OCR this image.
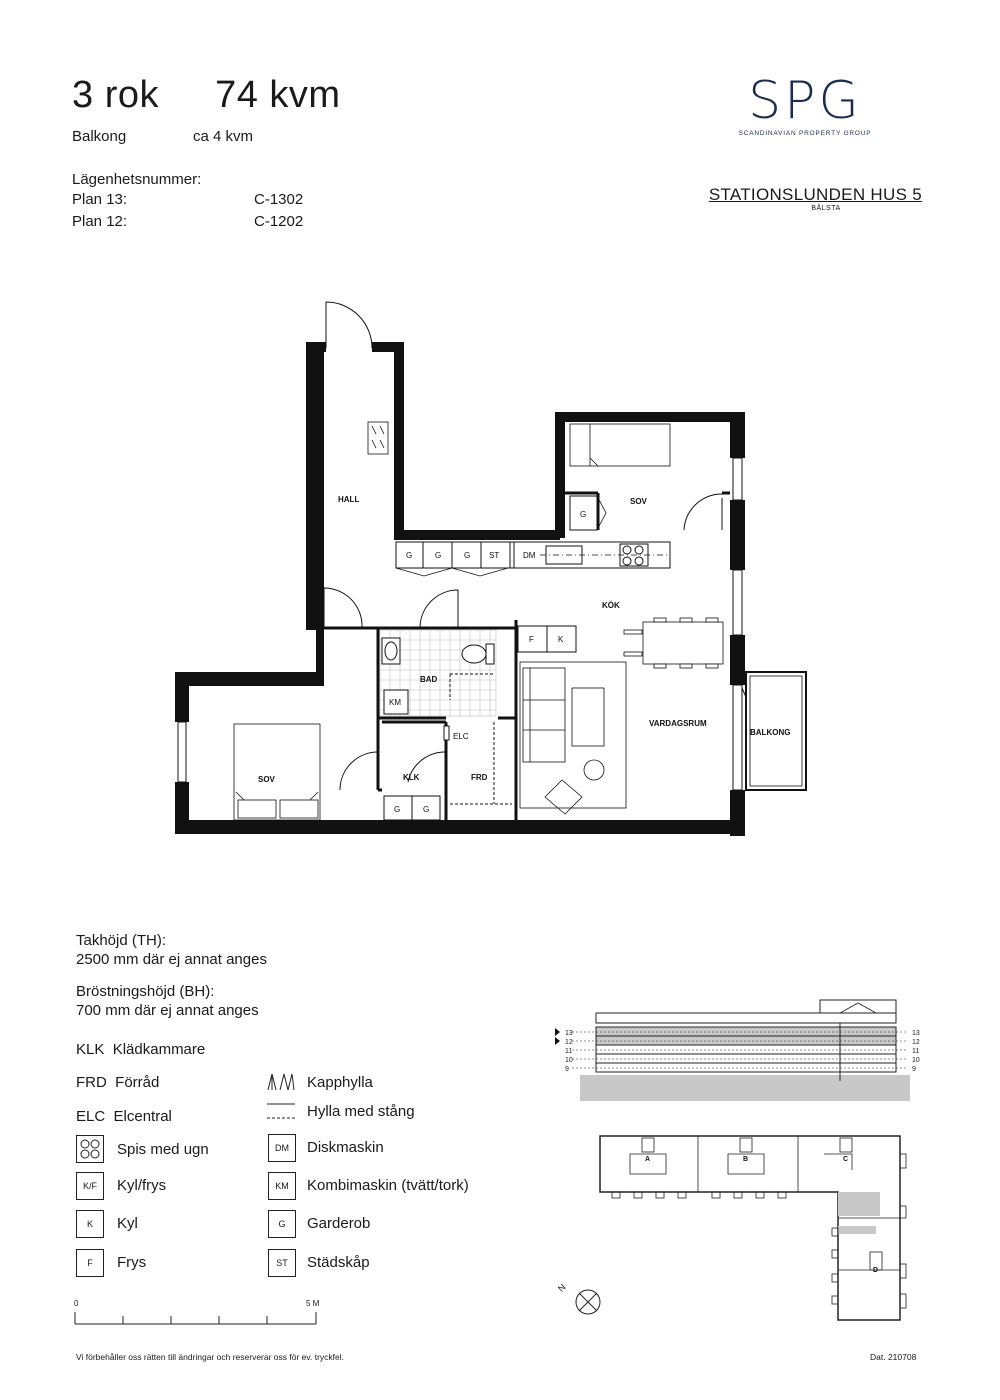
3 rok 74 kvm
Balkong	ca 4 kvm
Lägenhetsnummer:
Plan 13:	C-1302
Plan 12:	C-1202
SPG
SCANDINAVIAN PROPERTY GROUP
STATIONSLUNDEN HUS 5
BÅLSTA
HALL	SOV
KÖK
VARDAGSRUM
BALKONG
BAD
KLK	FRD
SOV
G	G	G ST	DM
G
F	K
KM
ELC
G	G
Takhöjd (TH):
2500 mm där ej annat anges
Bröstningshöjd (BH):
700 mm där ej annat anges
KLK Klädkammare
FRD Förråd
ELC Elcentral
Spis med ugn
K/F	Kyl/frys
K	Kyl
F	Frys
Kapphylla
Hylla med stång
DM	Diskmaskin
KM	Kombimaskin (tvätt/tork)
G	Garderob
ST	Städskåp
0	5 M
13
12
11
10
9
13
12
11
10
9
A	B	C
D
N
Vi förbehåller oss rätten till ändringar och reserverar oss för ev. tryckfel.	Dat. 210708
